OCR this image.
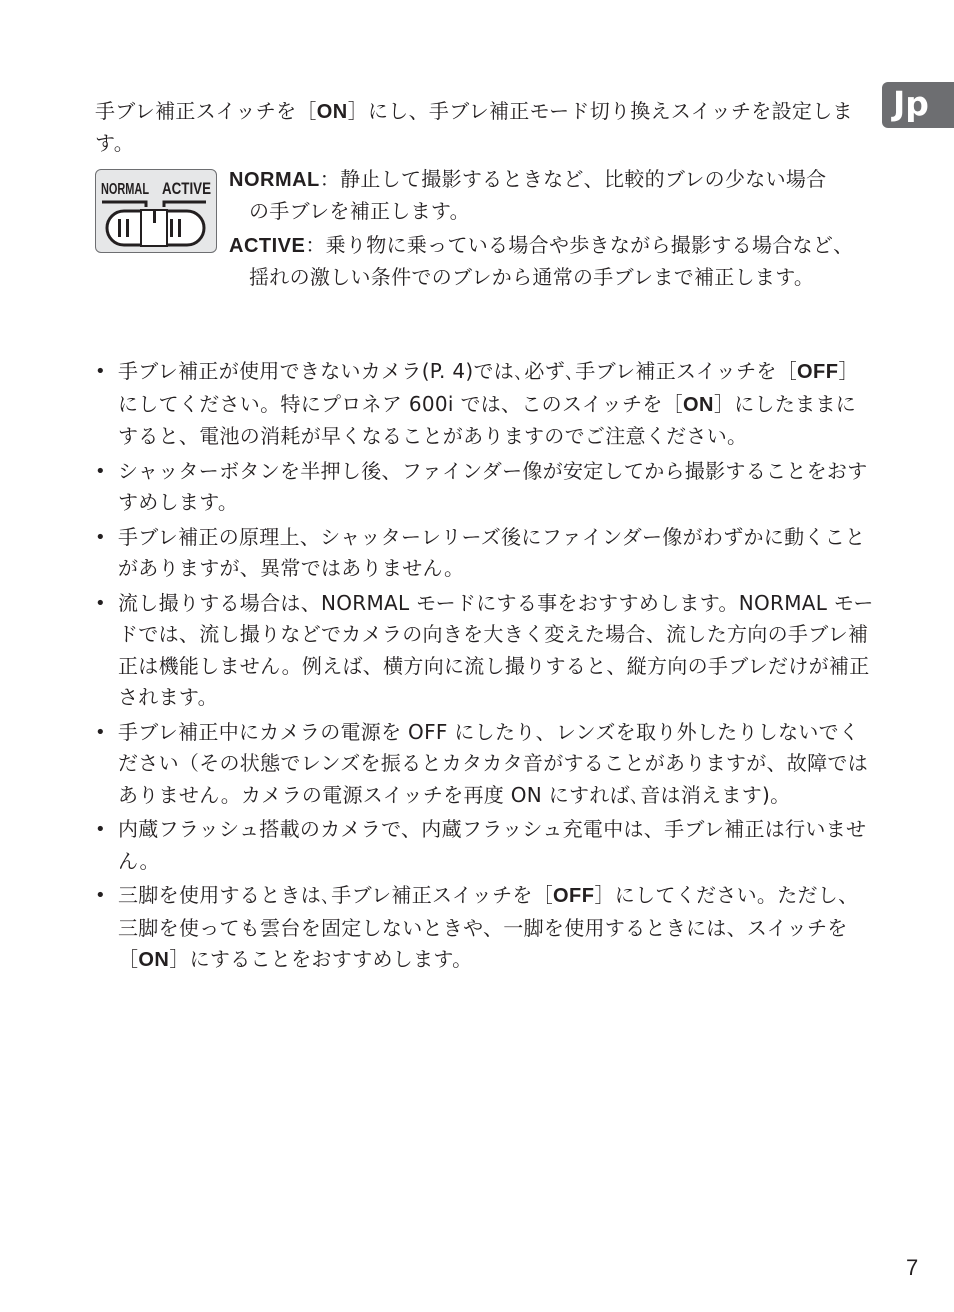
Jp

手ブレ補正スイッチを［ON］にし、手ブレ補正モード切り換えスイッチを設定します。

NORMAL ACTIVE NORMAL：静止して撮影するときなど、比較的ブレの少ない場合
の手ブレを補正します。
ACTIVE：乗り物に乗っている場合や歩きながら撮影する場合など、
揺れの激しい条件でのブレから通常の手ブレまで補正します。
• 手ブレ補正が使用できないカメラ(P. 4)では､必ず､手ブレ補正スイッチを［OFF］にしてください。特にプロネア 600i では、このスイッチを［ON］にしたままにすると、電池の消耗が早くなることがありますのでご注意ください。
• シャッターボタンを半押し後、ファインダー像が安定してから撮影することをおすすめします。
• 手ブレ補正の原理上、シャッターレリーズ後にファインダー像がわずかに動くことがありますが、異常ではありません。
• 流し撮りする場合は、NORMAL モードにする事をおすすめします。NORMAL モードでは、流し撮りなどでカメラの向きを大きく変えた場合、流した方向の手ブレ補正は機能しません。例えば、横方向に流し撮りすると、縦方向の手ブレだけが補正されます。
• 手ブレ補正中にカメラの電源を OFF にしたり、レンズを取り外したりしないでください（その状態でレンズを振るとカタカタ音がすることがありますが、故障ではありません。カメラの電源スイッチを再度 ON にすれば､音は消えます)。
• 内蔵フラッシュ搭載のカメラで、内蔵フラッシュ充電中は、手ブレ補正は行いません。
• 三脚を使用するときは､手ブレ補正スイッチを［OFF］にしてください。ただし、三脚を使っても雲台を固定しないときや、一脚を使用するときには、スイッチを［ON］にすることをおすすめします。
7
